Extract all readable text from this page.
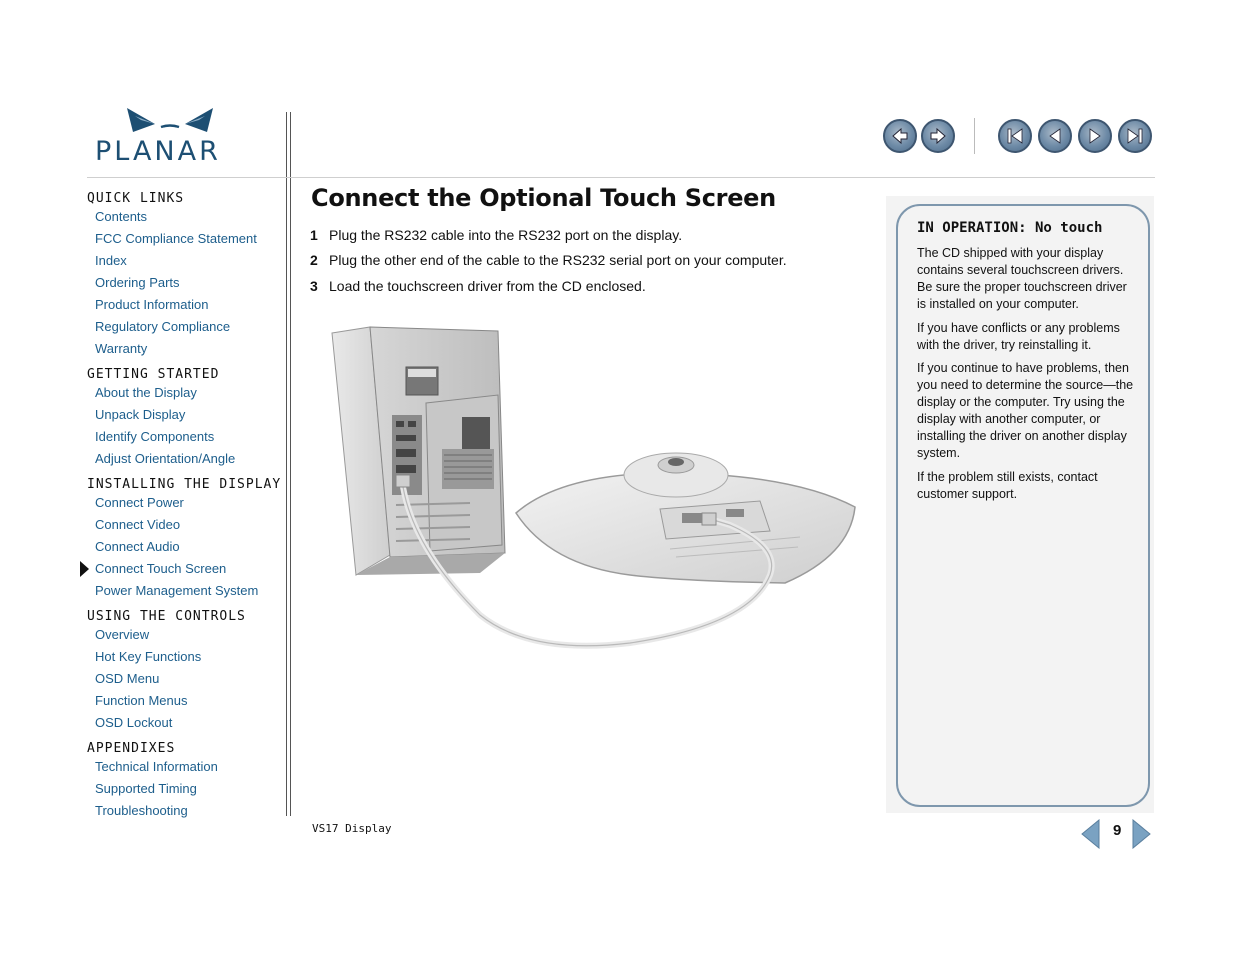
PLANAR
QUICK LINKS
Contents
FCC Compliance Statement
Index
Ordering Parts
Product Information
Regulatory Compliance
Warranty
GETTING STARTED
About the Display
Unpack Display
Identify Components
Adjust Orientation/Angle
INSTALLING THE DISPLAY
Connect Power
Connect Video
Connect Audio
Connect Touch Screen
Power Management System
USING THE CONTROLS
Overview
Hot Key Functions
OSD Menu
Function Menus
OSD Lockout
APPENDIXES
Technical Information
Supported Timing
Troubleshooting
Connect the Optional Touch Screen
1 Plug the RS232 cable into the RS232 port on the display.
2 Plug the other end of the cable to the RS232 serial port on your computer.
3 Load the touchscreen driver from the CD enclosed.
IN OPERATION: No touch
The CD shipped with your display contains several touchscreen drivers. Be sure the proper touchscreen driver is installed on your computer.
If you have conflicts or any problems with the driver, try reinstalling it.
If you continue to have problems, then you need to determine the source—the display or the computer. Try using the display with another computer, or installing the driver on another display system.
If the problem still exists, contact customer support.
VS17 Display	9
